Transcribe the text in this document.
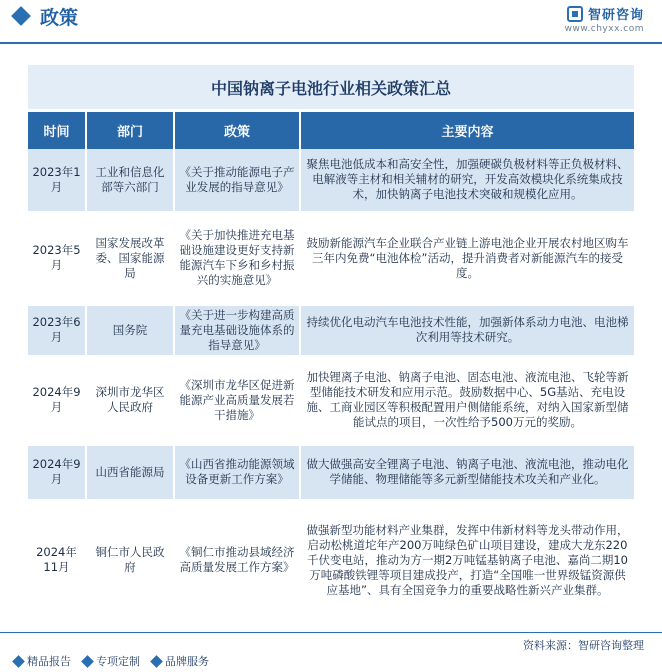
政策	智研咨询
www.chyxx.com
中国钠离子电池行业相关政策汇总
时间	部门	政策	主要内容
2023年1月	工业和信息化部等六部门	《关于推动能源电子产业发展的指导意见》	聚焦电池低成本和高安全性，加强硬碳负极材料等正负极材料、电解液等主材和相关辅材的研究，开发高效模块化系统集成技术，加快钠离子电池技术突破和规模化应用。
2023年5月	国家发展改革委、国家能源局	《关于加快推进充电基础设施建设更好支持新能源汽车下乡和乡村振兴的实施意见》	鼓励新能源汽车企业联合产业链上游电池企业开展农村地区购车三年内免费“电池体检”活动，提升消费者对新能源汽车的接受度。
2023年6月	国务院	《关于进一步构建高质量充电基础设施体系的指导意见》	持续优化电动汽车电池技术性能，加强新体系动力电池、电池梯次利用等技术研究。
2024年9月	深圳市龙华区人民政府	《深圳市龙华区促进新能源产业高质量发展若干措施》	加快锂离子电池、钠离子电池、固态电池、液流电池、飞轮等新型储能技术研发和应用示范。鼓励数据中心、5G基站、充电设施、工商业园区等积极配置用户侧储能系统，对纳入国家新型储能试点的项目，一次性给予500万元的奖励。
2024年9月	山西省能源局	《山西省推动能源领域设备更新工作方案》	做大做强高安全锂离子电池、钠离子电池、液流电池，推动电化学储能、物理储能等多元新型储能技术攻关和产业化。
2024年11月	铜仁市人民政府	《铜仁市推动县域经济高质量发展工作方案》	做强新型功能材料产业集群，发挥中伟新材料等龙头带动作用，启动松桃道坨年产200万吨绿色矿山项目建设，建成大龙东220千伏变电站，推动为方一期2万吨锰基钠离子电池、嘉尚二期10万吨磷酸铁锂等项目建成投产，打造“全国唯一世界级锰资源供应基地”、具有全国竞争力的重要战略性新兴产业集群。
资料来源：智研咨询整理
精品报告 专项定制 品牌服务
